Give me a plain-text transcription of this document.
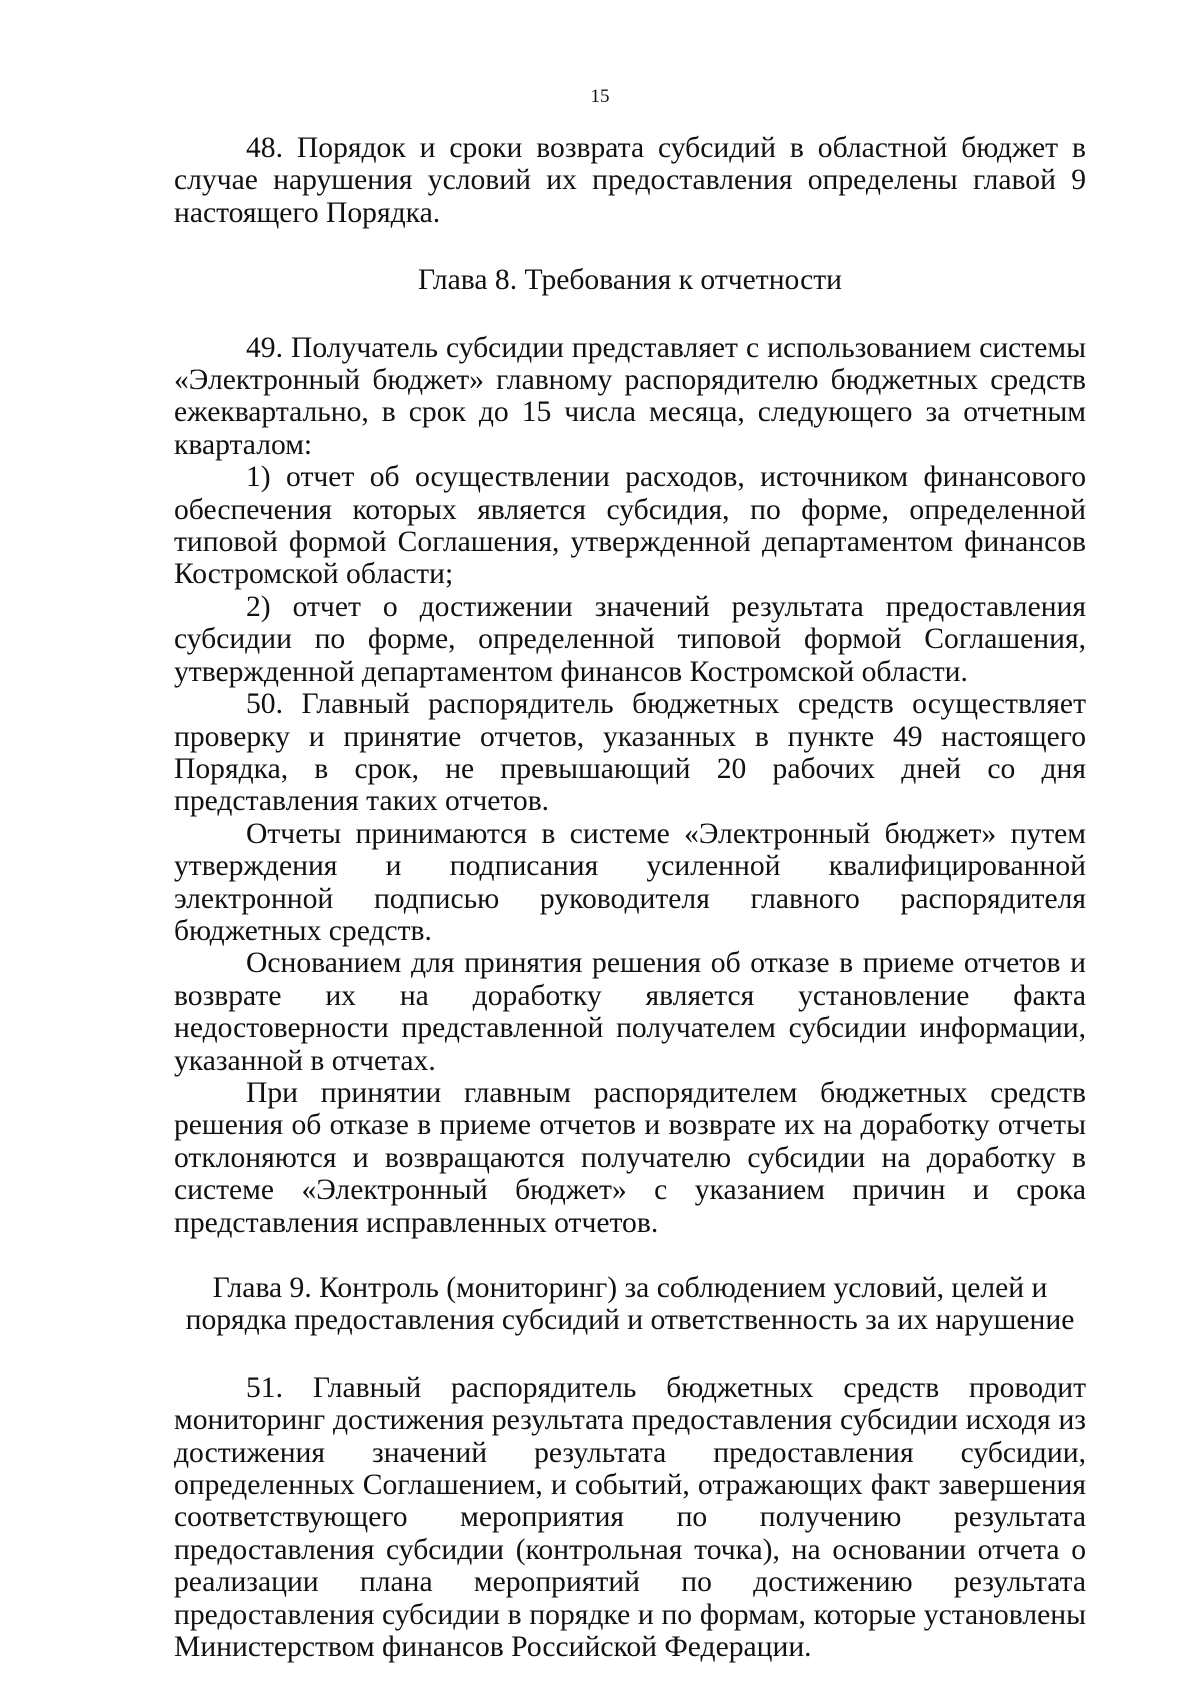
15

48. Порядок и сроки возврата субсидий в областной бюджет в случае нарушения условий их предоставления определены главой 9 настоящего Порядка.

Глава 8. Требования к отчетности

49. Получатель субсидии представляет с использованием системы «Электронный бюджет» главному распорядителю бюджетных средств ежеквартально, в срок до 15 числа месяца, следующего за отчетным кварталом:

1) отчет об осуществлении расходов, источником финансового обеспечения которых является субсидия, по форме, определенной типовой формой Соглашения, утвержденной департаментом финансов Костромской области;

2) отчет о достижении значений результата предоставления субсидии по форме, определенной типовой формой Соглашения, утвержденной департаментом финансов Костромской области.

50. Главный распорядитель бюджетных средств осуществляет проверку и принятие отчетов, указанных в пункте 49 настоящего Порядка, в срок, не превышающий 20 рабочих дней со дня представления таких отчетов.

Отчеты принимаются в системе «Электронный бюджет» путем утверждения и подписания усиленной квалифицированной электронной подписью руководителя главного распорядителя бюджетных средств.

Основанием для принятия решения об отказе в приеме отчетов и возврате их на доработку является установление факта недостоверности представленной получателем субсидии информации, указанной в отчетах.

При принятии главным распорядителем бюджетных средств решения об отказе в приеме отчетов и возврате их на доработку отчеты отклоняются и возвращаются получателю субсидии на доработку в системе «Электронный бюджет» с указанием причин и срока представления исправленных отчетов.

Глава 9. Контроль (мониторинг) за соблюдением условий, целей и порядка предоставления субсидий и ответственность за их нарушение

51. Главный распорядитель бюджетных средств проводит мониторинг достижения результата предоставления субсидии исходя из достижения значений результата предоставления субсидии, определенных Соглашением, и событий, отражающих факт завершения соответствующего мероприятия по получению результата предоставления субсидии (контрольная точка), на основании отчета о реализации плана мероприятий по достижению результата предоставления субсидии в порядке и по формам, которые установлены Министерством финансов Российской Федерации.
